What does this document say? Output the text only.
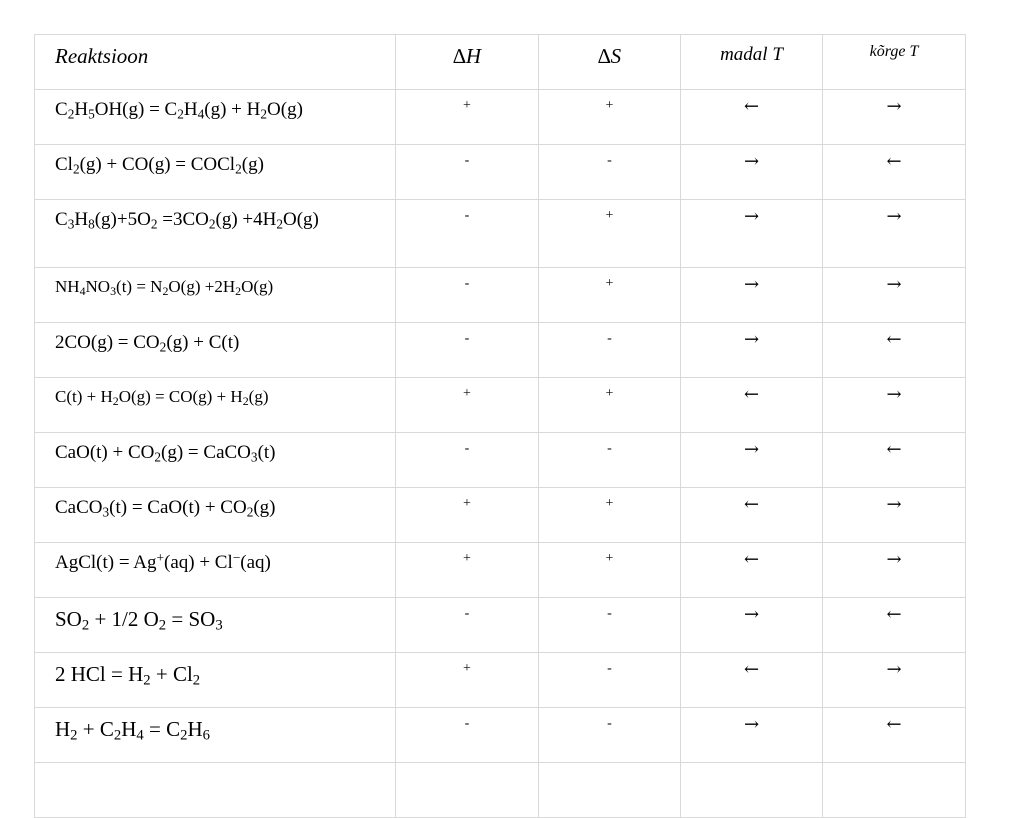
Reaktsioon	∆H	∆S	madal T	kõrge T
$C_2H_5OH(g) = C_2H_4(g) + H_2O(g)$	+	+	←	→
$Cl_2(g) + CO(g)$ = COCl$_2$(g)	-	-	→	←
$C_3H_8(g)+5O_2 =3CO_2(g) +4H_2O(g)$	-	+	→	→
$NH_4NO_3(t) = N_2O(g) +2H_2O(g)$	-	+	→	→
$2CO(g) = CO_2(g) + C(t)$	-	-	→	←
$C(t) + H_2O(g) = CO(g) + H_2(g)$	+	+	←	→
$CaO(t) + CO_2(g)$ = CaCO$_3$(t)	-	-	→	←
CaCO$_3$(t) = $CaO(t) + CO_2(g)$	+	+	←	→
AgCl(t) = Ag+(aq) + Cl−(aq)	+	+	←	→
$SO_2 + 1/2$ $O_2 = SO_3$	-	-	→	←
2 HCl = $H_2 + Cl_2$	+	-	←	→
$H_2 + C_2H_4 = C_2H_6$	-	-	→	←
